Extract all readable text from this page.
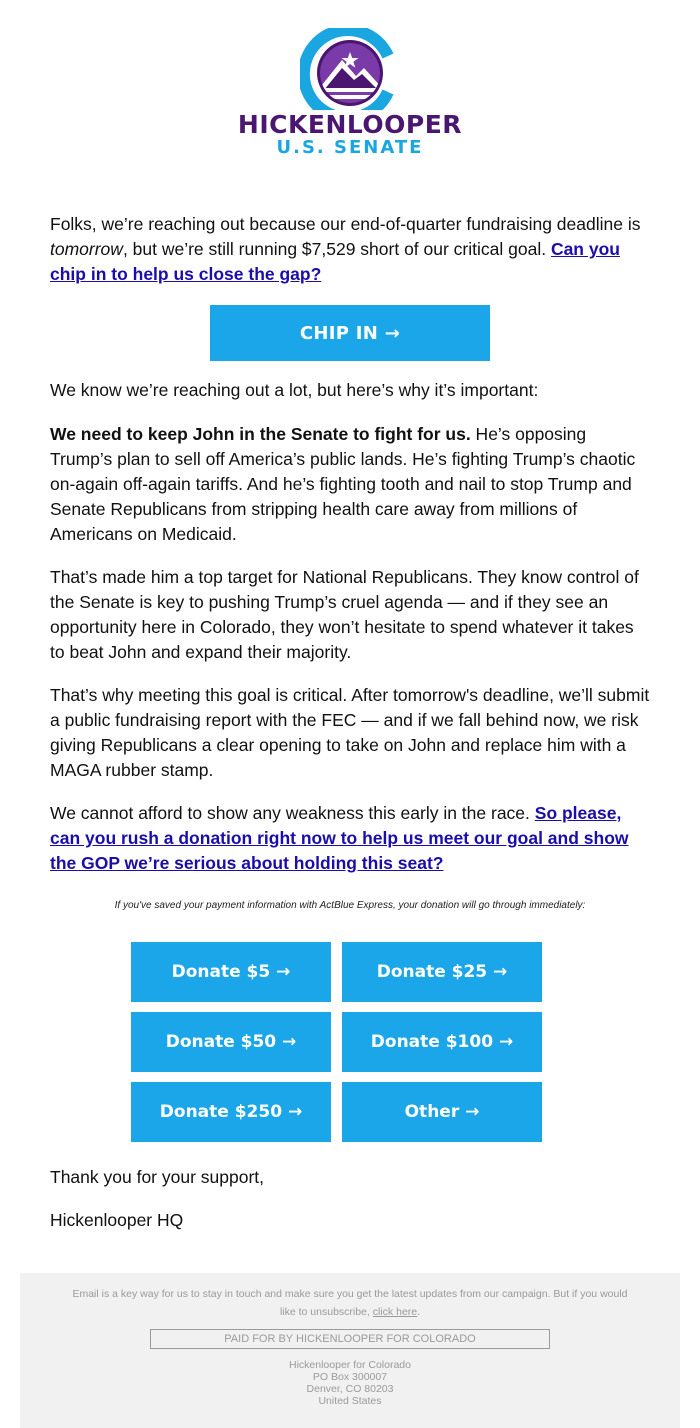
HICKENLOOPER
U.S. SENATE

Folks, we’re reaching out because our end-of-quarter fundraising deadline is tomorrow, but we’re still running $7,529 short of our critical goal. Can you chip in to help us close the gap?

CHIP IN →

We know we’re reaching out a lot, but here’s why it’s important:

We need to keep John in the Senate to fight for us. He’s opposing Trump’s plan to sell off America’s public lands. He’s fighting Trump’s chaotic on-again off-again tariffs. And he’s fighting tooth and nail to stop Trump and Senate Republicans from stripping health care away from millions of Americans on Medicaid.

That’s made him a top target for National Republicans. They know control of the Senate is key to pushing Trump’s cruel agenda — and if they see an opportunity here in Colorado, they won’t hesitate to spend whatever it takes to beat John and expand their majority.

That’s why meeting this goal is critical. After tomorrow's deadline, we’ll submit a public fundraising report with the FEC — and if we fall behind now, we risk giving Republicans a clear opening to take on John and replace him with a MAGA rubber stamp.

We cannot afford to show any weakness this early in the race. So please, can you rush a donation right now to help us meet our goal and show the GOP we’re serious about holding this seat?

If you've saved your payment information with ActBlue Express, your donation will go through immediately:
Donate $5 →	Donate $25 →
Donate $50 →	Donate $100 →
Donate $250 →	Other →

Thank you for your support,

Hickenlooper HQ

Email is a key way for us to stay in touch and make sure you get the latest updates from our campaign. But if you would like to unsubscribe, click here.
PAID FOR BY HICKENLOOPER FOR COLORADO
Hickenlooper for Colorado
PO Box 300007
Denver, CO 80203
United States
